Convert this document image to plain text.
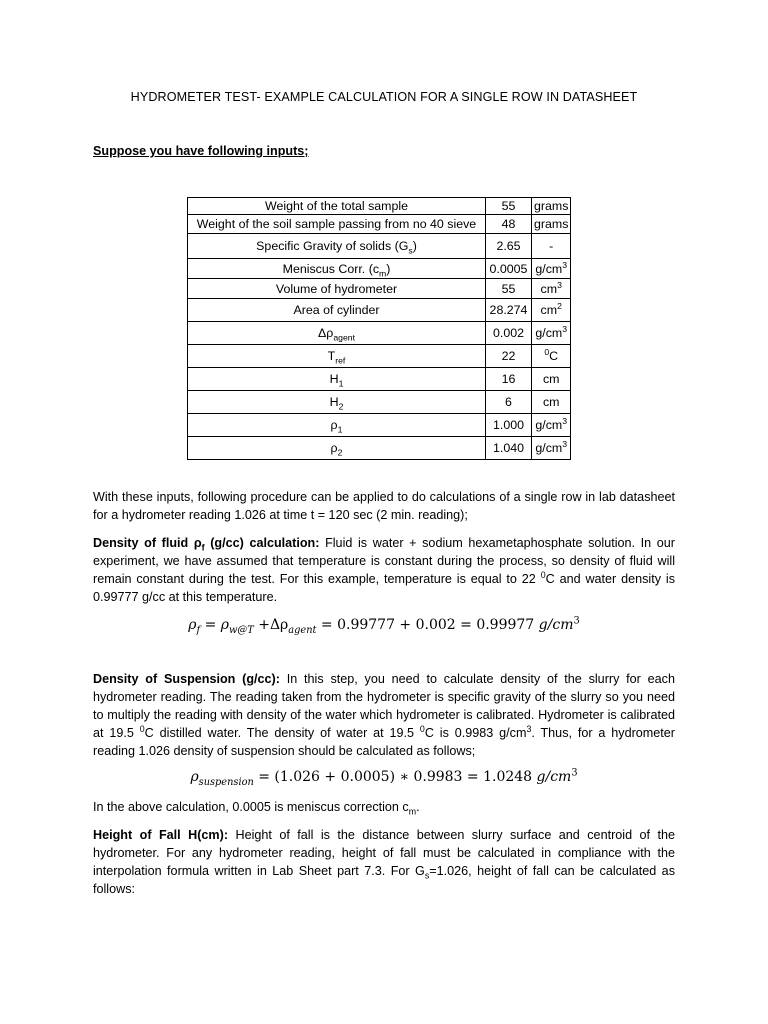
HYDROMETER TEST- EXAMPLE CALCULATION FOR A SINGLE ROW IN DATASHEET
Suppose you have following inputs;
Weight of the total sample	55	grams
Weight of the soil sample passing from no 40 sieve	48	grams
Specific Gravity of solids $(G_s)$	2.65	-
Meniscus Corr. $(c_m)$	0.0005	$g/cm^3$
Volume of hydrometer	55	$cm^3$
Area of cylinder	28.274	$cm^2$
$\Delta\rho_{agent}$	0.002	$g/cm^3$
$T_{ref}$	22	$^0$C
$H_1$	16	cm
$H_2$	6	cm
$\rho_1$	1.000	$g/cm^3$
$\rho_2$	1.040	$g/cm^3$
With these inputs, following procedure can be applied to do calculations of a single row in lab datasheet for a hydrometer reading 1.026 at time t = 120 sec (2 min. reading);
Density of fluid $\rho_f$ (g/cc) calculation: Fluid is water + sodium hexametaphosphate solution. In our experiment, we have assumed that temperature is constant during the process, so density of fluid will remain constant during the test. For this example, temperature is equal to 22 $^0$C and water density is 0.99777 g/cc at this temperature.
$\rho_f = \rho_{w@T} +\Delta\rho_{agent} = 0.99777 + 0.002 = 0.99977$ $g/cm^3$
Density of Suspension (g/cc): In this step, you need to calculate density of the slurry for each hydrometer reading. The reading taken from the hydrometer is specific gravity of the slurry so you need to multiply the reading with density of the water which hydrometer is calibrated. Hydrometer is calibrated at 19.5 $^0$C distilled water. The density of water at 19.5 $^0$C is 0.9983 $g/cm^3$. Thus, for a hydrometer reading 1.026 density of suspension should be calculated as follows;
$\rho_{suspension} = (1.026 + 0.0005)$ ∗ 0.9983 = 1.0248 $g/cm^3$
In the above calculation, 0.0005 is meniscus correction $c_m$.
Height of Fall H(cm): Height of fall is the distance between slurry surface and centroid of the hydrometer. For any hydrometer reading, height of fall must be calculated in compliance with the interpolation formula written in Lab Sheet part 7.3. For $G_s=1.026$, height of fall can be calculated as follows:
